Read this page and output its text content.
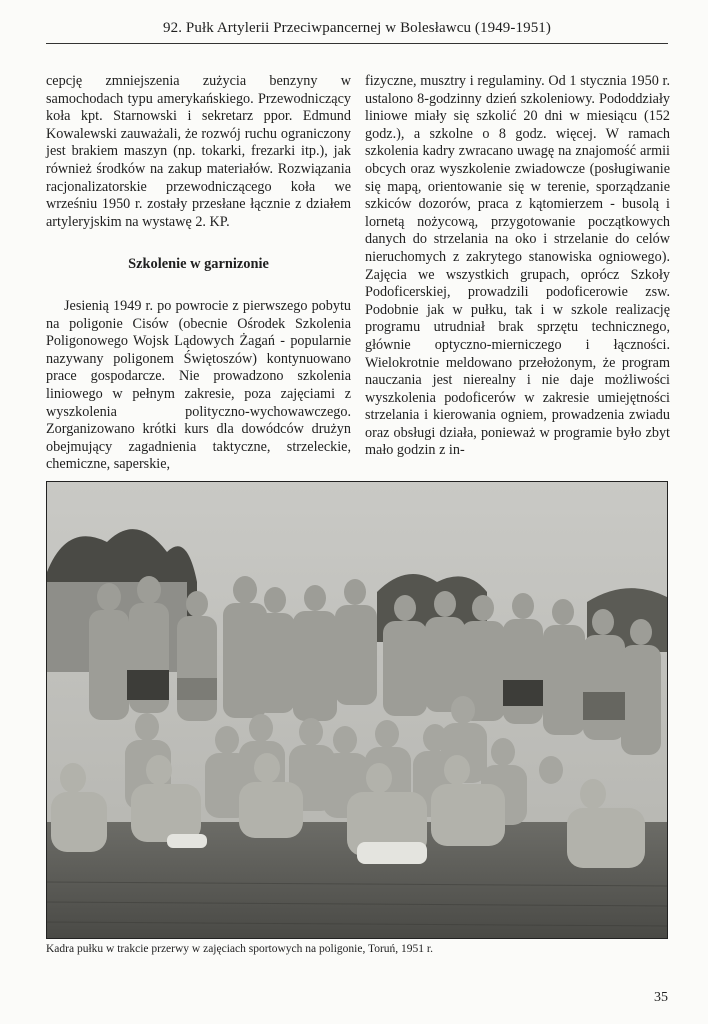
92. Pułk Artylerii Przeciwpancernej w Bolesławcu (1949-1951)

cepcję zmniejszenia zużycia benzyny w samochodach typu amerykańskiego. Przewodniczący koła kpt. Starnowski i sekretarz ppor. Edmund Kowalewski zauważali, że rozwój ruchu ograniczony jest brakiem maszyn (np. tokarki, frezarki itp.), jak również środków na zakup materiałów. Rozwiązania racjonalizatorskie przewodniczącego koła we wrześniu 1950 r. zostały przesłane łącznie z działem artyleryjskim na wystawę 2. KP.

Szkolenie w garnizonie

Jesienią 1949 r. po powrocie z pierwszego pobytu na poligonie Cisów (obecnie Ośrodek Szkolenia Poligonowego Wojsk Lądowych Żagań - popularnie nazywany poligonem Świętoszów) kontynuowano prace gospodarcze. Nie prowadzono szkolenia liniowego w pełnym zakresie, poza zajęciami z wyszkolenia polityczno-wychowawczego. Zorganizowano krótki kurs dla dowódców drużyn obejmujący zagadnienia taktyczne, strzeleckie, chemiczne, saperskie,

fizyczne, musztry i regulaminy. Od 1 stycznia 1950 r. ustalono 8-godzinny dzień szkoleniowy. Pododdziały liniowe miały się szkolić 20 dni w miesiącu (152 godz.), a szkolne o 8 godz. więcej. W ramach szkolenia kadry zwracano uwagę na znajomość armii obcych oraz wyszkolenie zwiadowcze (posługiwanie się mapą, orientowanie się w terenie, sporządzanie szkiców dozorów, praca z kątomierzem - busolą i lornetą nożycową, przygotowanie początkowych danych do strzelania na oko i strzelanie do celów nieruchomych z zakrytego stanowiska ogniowego). Zajęcia we wszystkich grupach, oprócz Szkoły Podoficerskiej, prowadzili podoficerowie zsw. Podobnie jak w pułku, tak i w szkole realizację programu utrudniał brak sprzętu technicznego, głównie optyczno-mierniczego i łączności. Wielokrotnie meldowano przełożonym, że program nauczania jest nierealny i nie daje możliwości wyszkolenia podoficerów w zakresie umiejętności strzelania i kierowania ogniem, prowadzenia zwiadu oraz obsługi działa, ponieważ w programie było zbyt mało godzin z in-

Kadra pułku w trakcie przerwy w zajęciach sportowych na poligonie, Toruń, 1951 r.
35
